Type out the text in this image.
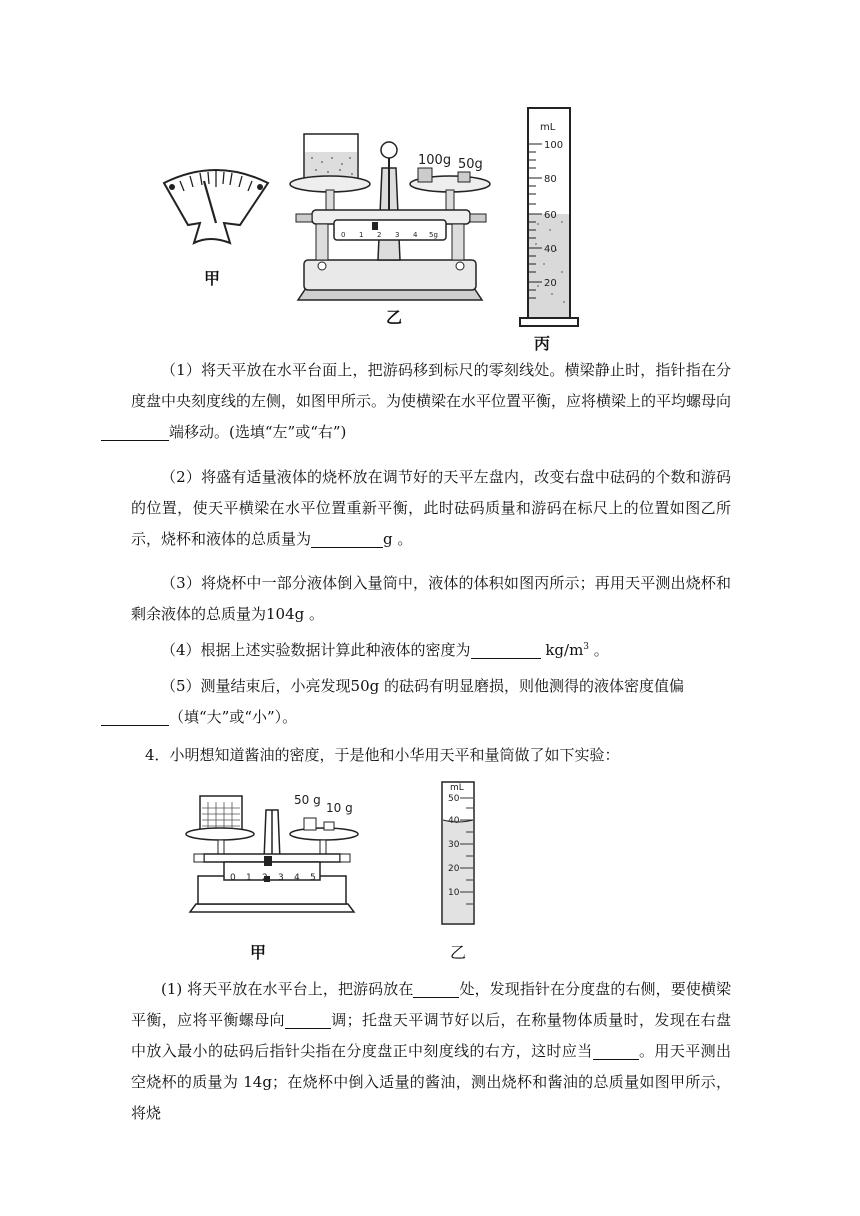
甲
100g 50g
0 1 2 3 4 5g
乙
mL
100
80
60
40
20
丙
（1）将天平放在水平台面上，把游码移到标尺的零刻线处。横梁静止时，指针指在分度盘中央刻度线的左侧，如图甲所示。为使横梁在水平位置平衡，应将横梁上的平均螺母向
端移动。(选填“左”或“右”)
（2）将盛有适量液体的烧杯放在调节好的天平左盘内，改变右盘中砝码的个数和游码的位置，使天平横梁在水平位置重新平衡，此时砝码质量和游码在标尺上的位置如图乙所示，烧杯和液体的总质量为	g 。
（3）将烧杯中一部分液体倒入量筒中，液体的体积如图丙所示；再用天平测出烧杯和剩余液体的总质量为104g 。
（4）根据上述实验数据计算此种液体的密度为	$kg/m^3$ 。
（5）测量结束后，小亮发现50g 的砝码有明显磨损，则他测得的液体密度值偏
（填“大”或“小”）。
4．小明想知道酱油的密度，于是他和小华用天平和量筒做了如下实验：
0 1 2 3 4 5
50 g
10 g
甲
mL
50
40
30
20
10
乙
(1) 将天平放在水平台上，把游码放在	处，发现指针在分度盘的右侧，要使横梁平衡，应将平衡螺母向	调；托盘天平调节好以后，在称量物体质量时，发现在右盘中放入最小的砝码后指针尖指在分度盘正中刻度线的右方，这时应当	。用天平测出空烧杯的质量为 14g；在烧杯中倒入适量的酱油，测出烧杯和酱油的总质量如图甲所示，将烧
